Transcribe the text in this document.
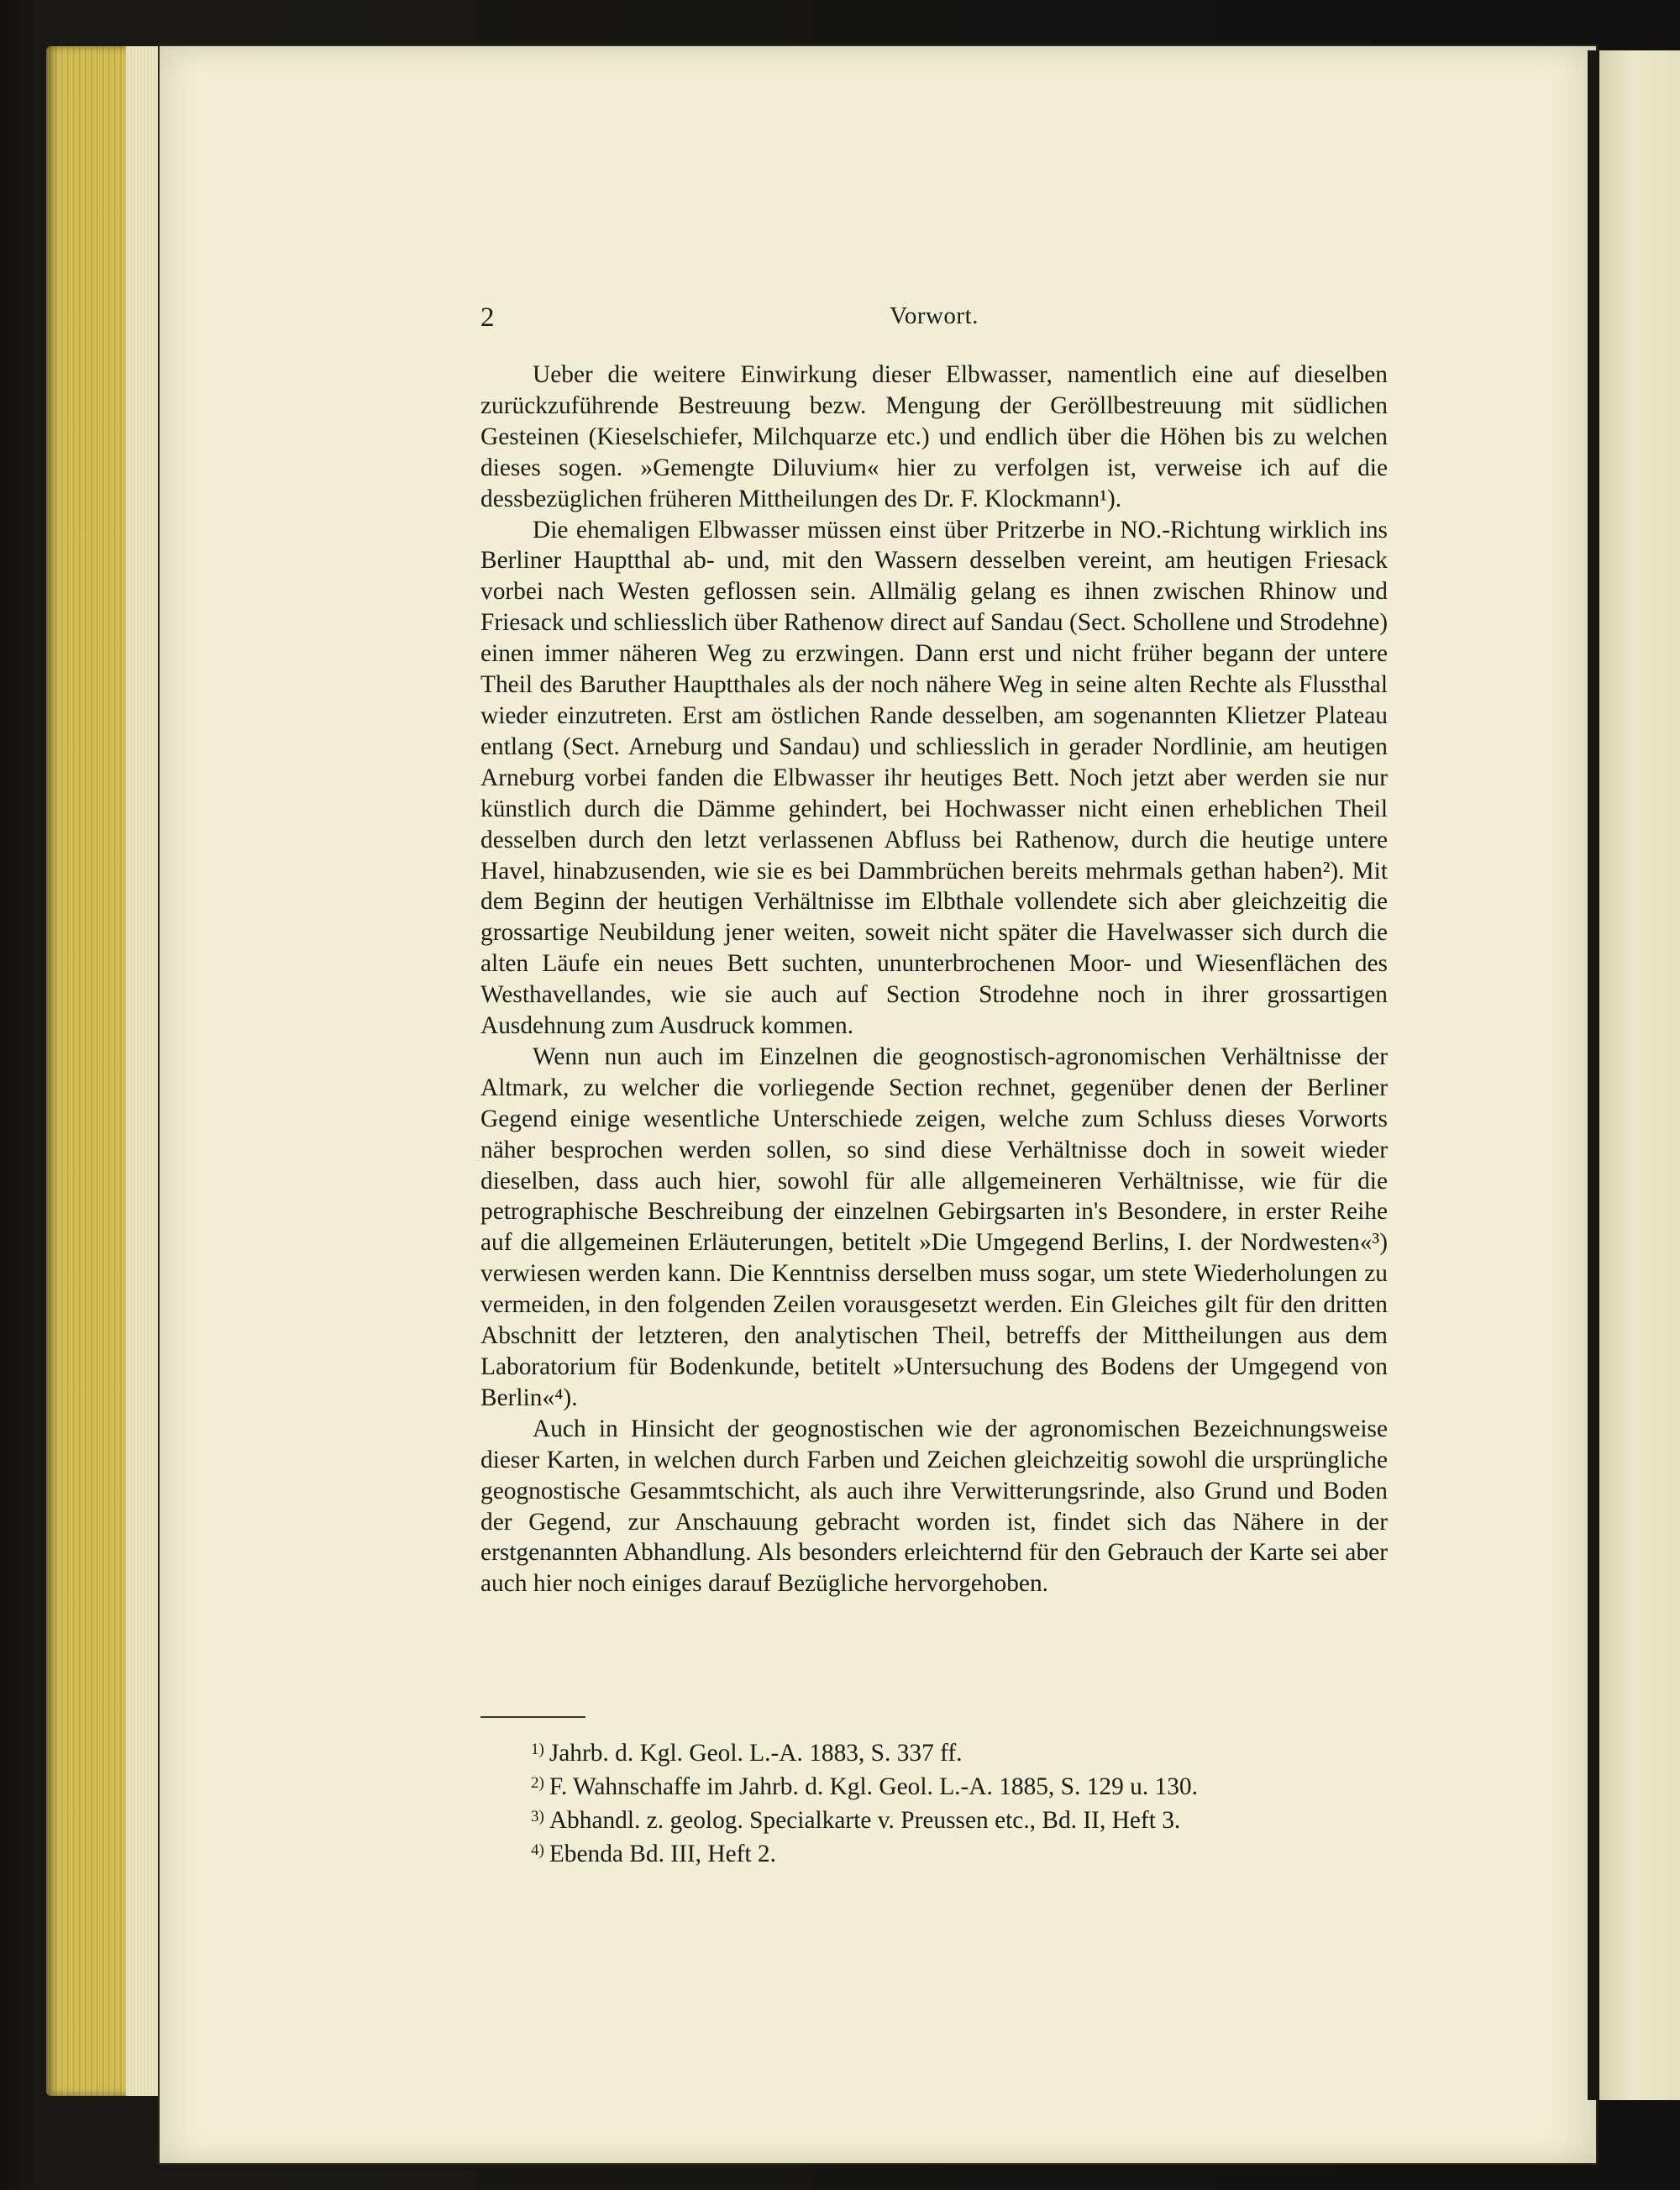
2	Vorwort.

Ueber die weitere Einwirkung dieser Elbwasser, namentlich eine auf dieselben zurückzuführende Bestreuung bezw. Mengung der Geröllbestreuung mit südlichen Gesteinen (Kieselschiefer, Milchquarze etc.) und endlich über die Höhen bis zu welchen dieses sogen. »Gemengte Diluvium« hier zu verfolgen ist, verweise ich auf die dessbezüglichen früheren Mittheilungen des Dr. F. Klockmann¹).

Die ehemaligen Elbwasser müssen einst über Pritzerbe in NO.-Richtung wirklich ins Berliner Hauptthal ab- und, mit den Wassern desselben vereint, am heutigen Friesack vorbei nach Westen geflossen sein. Allmälig gelang es ihnen zwischen Rhinow und Friesack und schliesslich über Rathenow direct auf Sandau (Sect. Schollene und Strodehne) einen immer näheren Weg zu erzwingen. Dann erst und nicht früher begann der untere Theil des Baruther Hauptthales als der noch nähere Weg in seine alten Rechte als Flussthal wieder einzutreten. Erst am östlichen Rande desselben, am sogenannten Klietzer Plateau entlang (Sect. Arneburg und Sandau) und schliesslich in gerader Nordlinie, am heutigen Arneburg vorbei fanden die Elbwasser ihr heutiges Bett. Noch jetzt aber werden sie nur künstlich durch die Dämme gehindert, bei Hochwasser nicht einen erheblichen Theil desselben durch den letzt verlassenen Abfluss bei Rathenow, durch die heutige untere Havel, hinabzusenden, wie sie es bei Dammbrüchen bereits mehrmals gethan haben²). Mit dem Beginn der heutigen Verhältnisse im Elbthale vollendete sich aber gleichzeitig die grossartige Neubildung jener weiten, soweit nicht später die Havelwasser sich durch die alten Läufe ein neues Bett suchten, ununterbrochenen Moor- und Wiesenflächen des Westhavellandes, wie sie auch auf Section Strodehne noch in ihrer grossartigen Ausdehnung zum Ausdruck kommen.

Wenn nun auch im Einzelnen die geognostisch-agronomischen Verhältnisse der Altmark, zu welcher die vorliegende Section rechnet, gegenüber denen der Berliner Gegend einige wesentliche Unterschiede zeigen, welche zum Schluss dieses Vorworts näher besprochen werden sollen, so sind diese Verhältnisse doch in soweit wieder dieselben, dass auch hier, sowohl für alle allgemeineren Verhältnisse, wie für die petrographische Beschreibung der einzelnen Gebirgsarten in's Besondere, in erster Reihe auf die allgemeinen Erläuterungen, betitelt »Die Umgegend Berlins, I. der Nordwesten«³) verwiesen werden kann. Die Kenntniss derselben muss sogar, um stete Wiederholungen zu vermeiden, in den folgenden Zeilen vorausgesetzt werden. Ein Gleiches gilt für den dritten Abschnitt der letzteren, den analytischen Theil, betreffs der Mittheilungen aus dem Laboratorium für Bodenkunde, betitelt »Untersuchung des Bodens der Umgegend von Berlin«⁴).

Auch in Hinsicht der geognostischen wie der agronomischen Bezeichnungsweise dieser Karten, in welchen durch Farben und Zeichen gleichzeitig sowohl die ursprüngliche geognostische Gesammtschicht, als auch ihre Verwitterungsrinde, also Grund und Boden der Gegend, zur Anschauung gebracht worden ist, findet sich das Nähere in der erstgenannten Abhandlung. Als besonders erleichternd für den Gebrauch der Karte sei aber auch hier noch einiges darauf Bezügliche hervorgehoben.

$^{1)}$ Jahrb. d. Kgl. Geol. L.-A. 1883, S. 337 ff.

$^{2)}$ F. Wahnschaffe im Jahrb. d. Kgl. Geol. L.-A. 1885, S. 129 u. 130.

$^{3)}$ Abhandl. z. geolog. Specialkarte v. Preussen etc., Bd. II, Heft 3.

$^{4)}$ Ebenda Bd. III, Heft 2.
